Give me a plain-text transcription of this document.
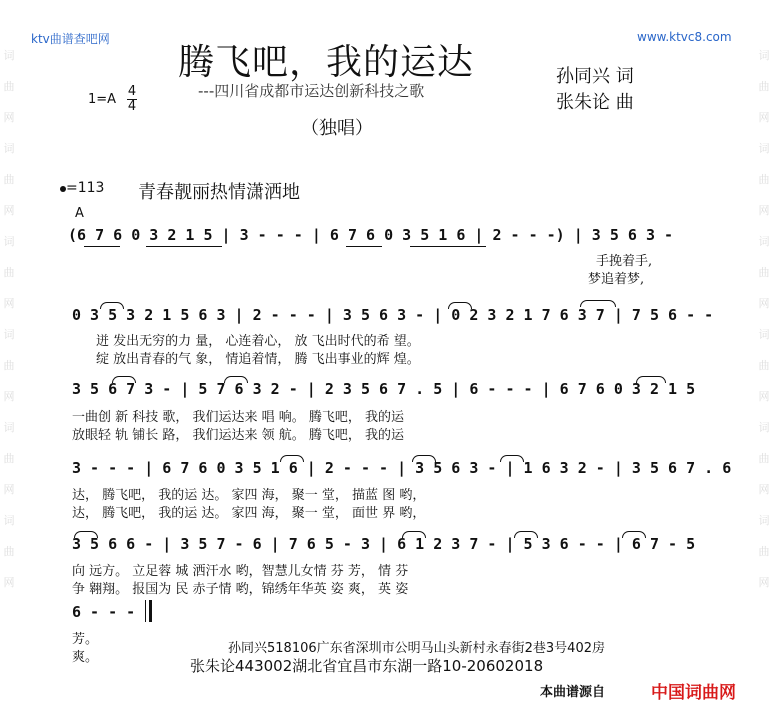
词曲网
词曲网
词曲网
词曲网
词曲网
词曲网
词曲网
词曲网
词曲网
词曲网
词曲网
词曲网
ktv曲谱查吧网	www.ktvc8.com
腾飞吧，我的运达
---四川省成都市运达创新科技之歌
孙同兴 词
张朱论 曲
1=A
4
4
（独唱）
=113 青春靓丽热情潇洒地
A
(6 7 6 0 3 2 1 5 | 3 - - - | 6 7 6 0 3 5 1 6 | 2 - - -) | 3 5 6 3 -
手挽着手,
梦追着梦,
0 3 5 3 2 1 5 6 3 | 2 - - - | 3 5 6 3 - | 0 2 3 2 1 7 6 3 7 | 7 5 6 - -
迸 发出无穷的力 量， 心连着心， 放 飞出时代的希 望。
绽 放出青春的气 象， 情追着情， 腾 飞出事业的辉 煌。
3 5 6 7 3 - | 5 7 6 3 2 - | 2 3 5 6 7 . 5 | 6 - - - | 6 7 6 0 3 2 1 5
一曲创 新 科技 歌， 我们运达来 唱 响。 腾飞吧， 我的运
放眼轻 轨 铺长 路， 我们运达来 领 航。 腾飞吧， 我的运
3 - - - | 6 7 6 0 3 5 1 6 | 2 - - - | 3 5 6 3 - | 1 6 3 2 - | 3 5 6 7 . 6
达， 腾飞吧， 我的运 达。 家四 海， 聚一 堂， 描蓝 图 哟，
达， 腾飞吧， 我的运 达。 家四 海， 聚一 堂， 面世 界 哟，
3 5 6 6 - | 3 5 7 - 6 | 7 6 5 - 3 | 6 1 2 3 7 - | 5 3 6 - - | 6 7 - 5
向 远方。 立足蓉 城 洒汗水 哟，智慧儿女情 芬 芳， 情 芬
争 翱翔。 报国为 民 赤子情 哟，锦绣年华英 姿 爽， 英 姿
6 - - -
芳。
爽。
孙同兴518106广东省深圳市公明马山头新村永春街2巷3号402房
张朱论443002湖北省宜昌市东湖一路10-20602018
本曲谱源自	中国词曲网
